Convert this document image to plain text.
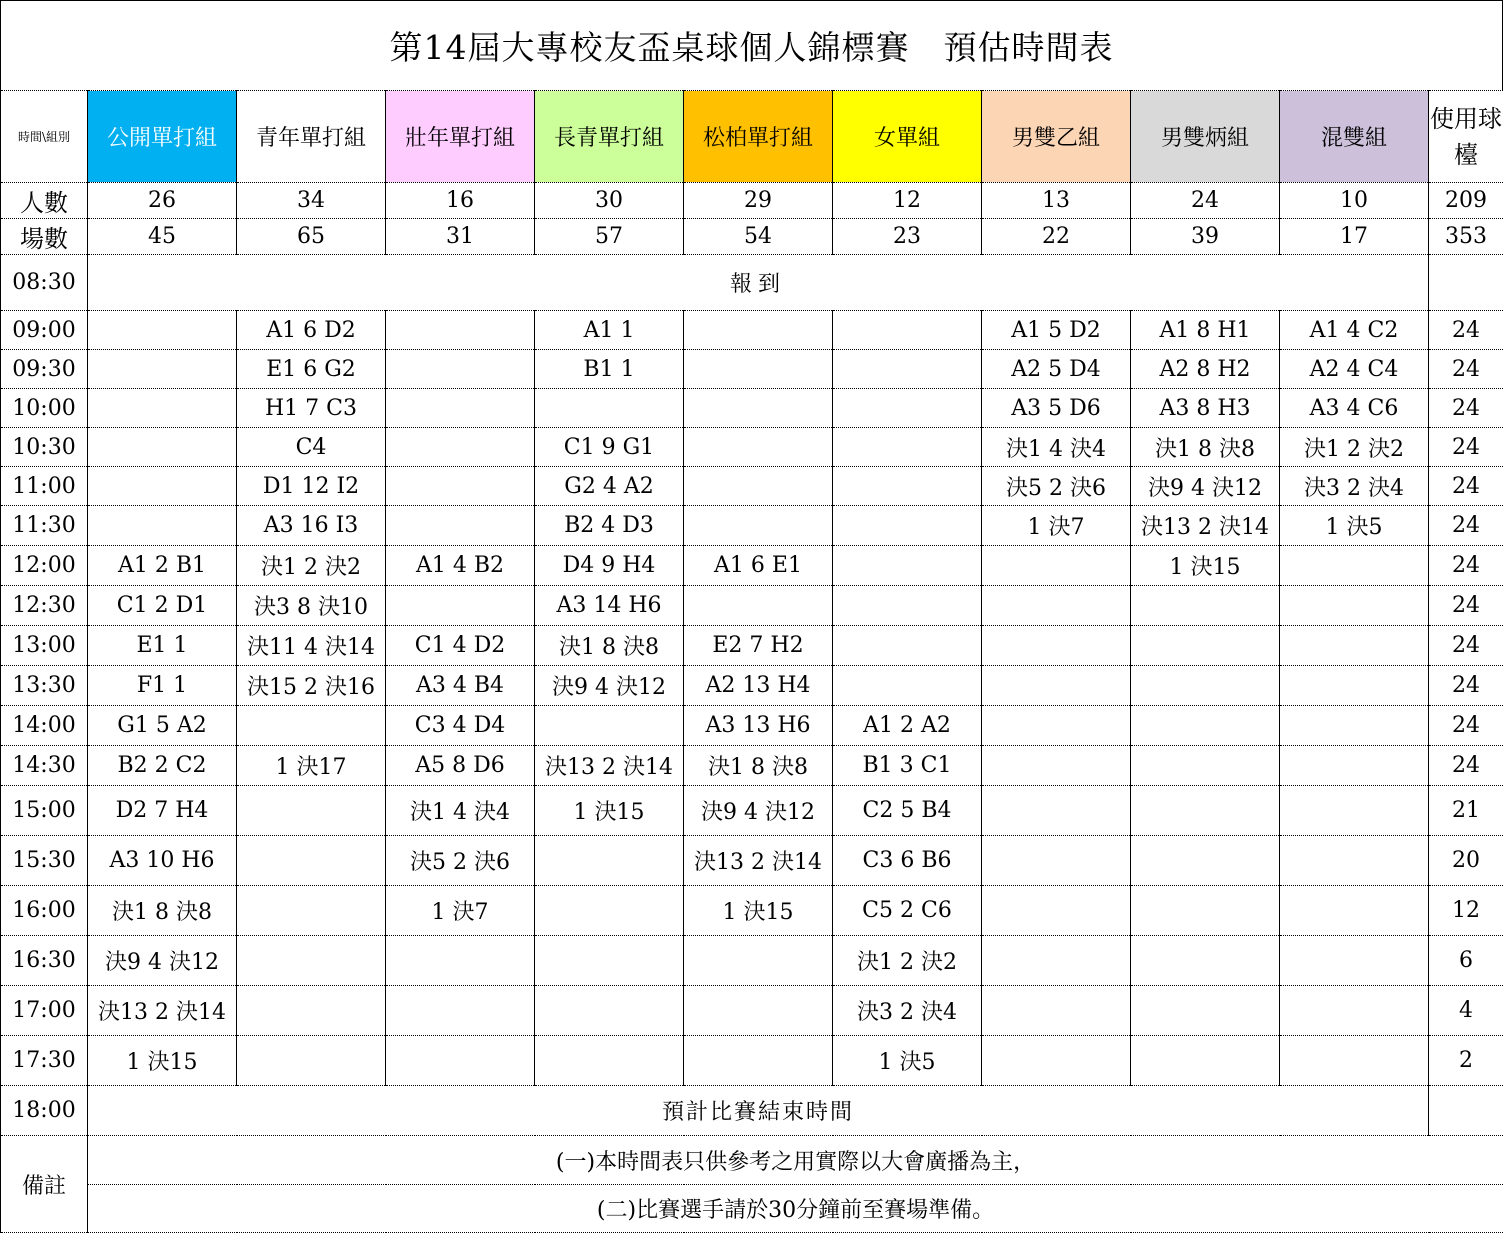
第14屆大專校友盃桌球個人錦標賽　預估時間表
時間\組別	公開單打組	青年單打組	壯年單打組	長青單打組	松柏單打組	女單組	男雙乙組	男雙炳組	混雙組	使用球檯
人數	26	34	16	30	29	12	13	24	10	209
場數	45	65	31	57	54	23	22	39	17	353
08:30	報到									
09:00		A1 6 D2		A1 1			A1 5 D2	A1 8 H1	A1 4 C2	24
09:30		E1 6 G2		B1 1			A2 5 D4	A2 8 H2	A2 4 C4	24
10:00		H1 7 C3					A3 5 D6	A3 8 H3	A3 4 C6	24
10:30		C4		C1 9 G1			決1 4 決4	決1 8 決8	決1 2 決2	24
11:00		D1 12 I2		G2 4 A2			決5 2 決6	決9 4 決12	決3 2 決4	24
11:30		A3 16 I3		B2 4 D3			1 決7	決13 2 決14	1 決5	24
12:00	A1 2 B1	決1 2 決2	A1 4 B2	D4 9 H4	A1 6 E1			1 決15		24
12:30	C1 2 D1	決3 8 決10		A3 14 H6						24
13:00	E1 1	決11 4 決14	C1 4 D2	決1 8 決8	E2 7 H2					24
13:30	F1 1	決15 2 決16	A3 4 B4	決9 4 決12	A2 13 H4					24
14:00	G1 5 A2		C3 4 D4		A3 13 H6	A1 2 A2				24
14:30	B2 2 C2	1 決17	A5 8 D6	決13 2 決14	決1 8 決8	B1 3 C1				24
15:00	D2 7 H4		決1 4 決4	1 決15	決9 4 決12	C2 5 B4				21
15:30	A3 10 H6		決5 2 決6		決13 2 決14	C3 6 B6				20
16:00	決1 8 決8		1 決7		1 決15	C5 2 C6				12
16:30	決9 4 決12					決1 2 決2				6
17:00	決13 2 決14					決3 2 決4				4
17:30	1 決15					1 決5				2
18:00	預計比賽結束時間									
備註	(一)本時間表只供參考之用實際以大會廣播為主，									
	(二)比賽選手請於30分鐘前至賽場準備。									
